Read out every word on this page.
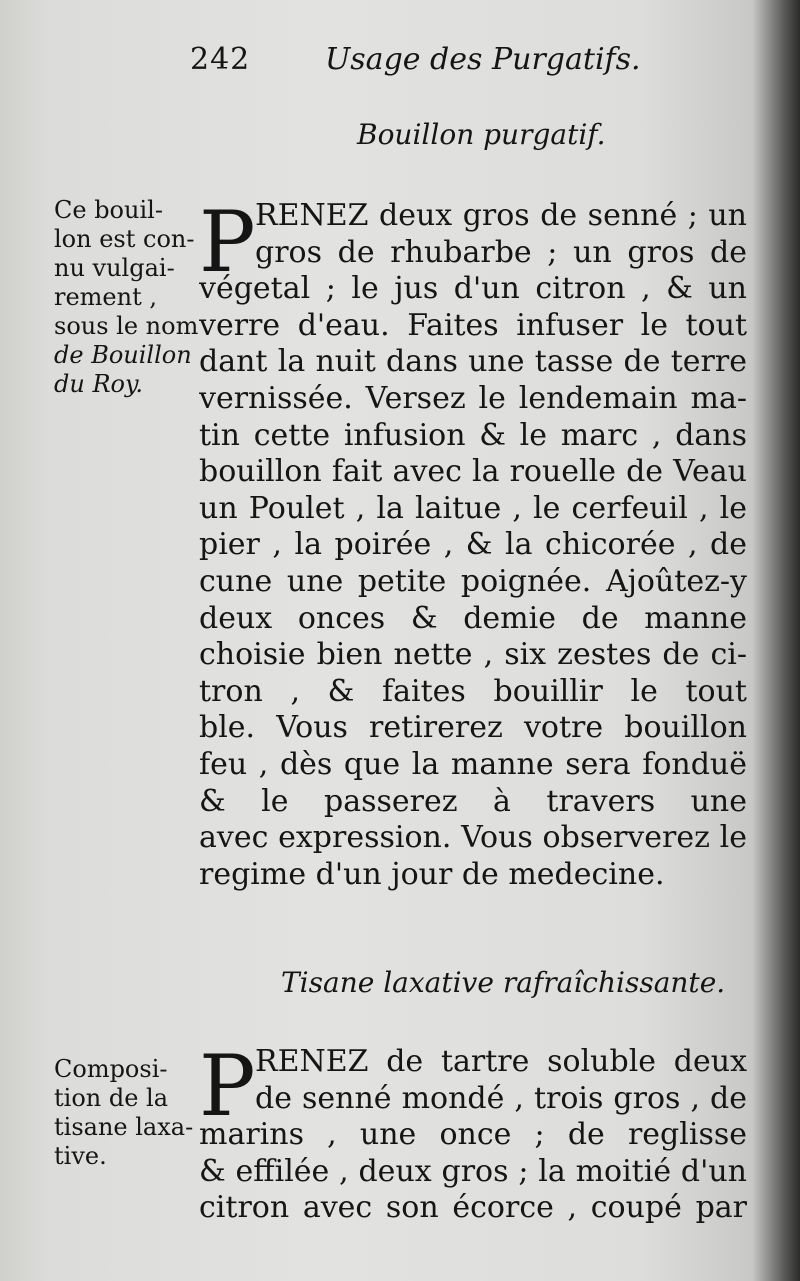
242 Usage des Purgatifs.
Bouillon purgatif.
Ce bouil-
lon est con-
nu vulgai-
rement ,
sous le nom
de Bouillon
du Roy.
P RENEZ deux gros de senné ; un
gros de rhubarbe ; un gros de
végetal ; le jus d'un citron , & un
verre d'eau. Faites infuser le tout
dant la nuit dans une tasse de terre
vernissée. Versez le lendemain ma-
tin cette infusion & le marc , dans
bouillon fait avec la rouelle de Veau
un Poulet , la laitue , le cerfeuil , le
pier , la poirée , & la chicorée , de
cune une petite poignée. Ajoûtez-y
deux onces & demie de manne
choisie bien nette , six zestes de ci-
tron , & faites bouillir le tout
ble. Vous retirerez votre bouillon
feu , dès que la manne sera fonduë
& le passerez à travers une
avec expression. Vous observerez le
regime d'un jour de medecine.
Tisane laxative rafraîchissante.
Composi-
tion de la
tisane laxa-
tive.
P RENEZ de tartre soluble deux
de senné mondé , trois gros , de
marins , une once ; de reglisse
& effilée , deux gros ; la moitié d'un
citron avec son écorce , coupé par
